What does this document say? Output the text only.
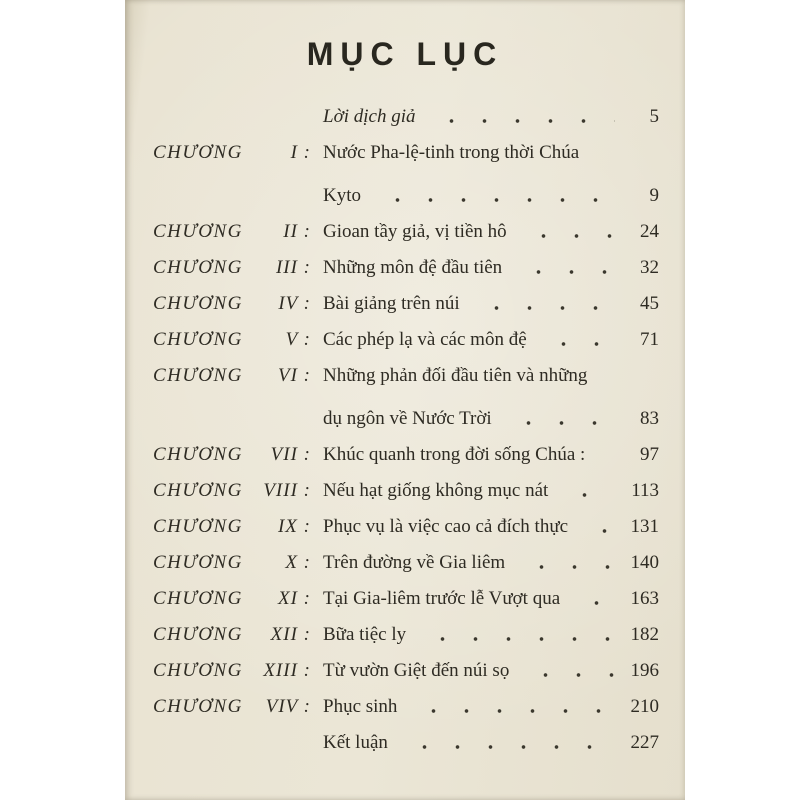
MỤC LỤC
Lời dịch giả	5
CHƯƠNG	I : Nước Pha-lệ-tinh trong thời Chúa
Kyto	9
CHƯƠNG	II : Gioan tầy giả, vị tiền hô	24
CHƯƠNG	III : Những môn đệ đầu tiên	32
CHƯƠNG	IV : Bài giảng trên núi	45
CHƯƠNG	V : Các phép lạ và các môn đệ	71
CHƯƠNG	VI : Những phản đối đầu tiên và những
dụ ngôn về Nước Trời	83
CHƯƠNG	VII : Khúc quanh trong đời sống Chúa :	97
CHƯƠNG	VIII : Nếu hạt giống không mục nát	113
CHƯƠNG	IX : Phục vụ là việc cao cả đích thực	131
CHƯƠNG	X : Trên đường về Gia liêm	140
CHƯƠNG	XI : Tại Gia-liêm trước lễ Vượt qua	163
CHƯƠNG	XII : Bữa tiệc ly	182
CHƯƠNG	XIII : Từ vườn Giệt đến núi sọ	196
CHƯƠNG	VIV : Phục sinh	210
Kết luận	227
